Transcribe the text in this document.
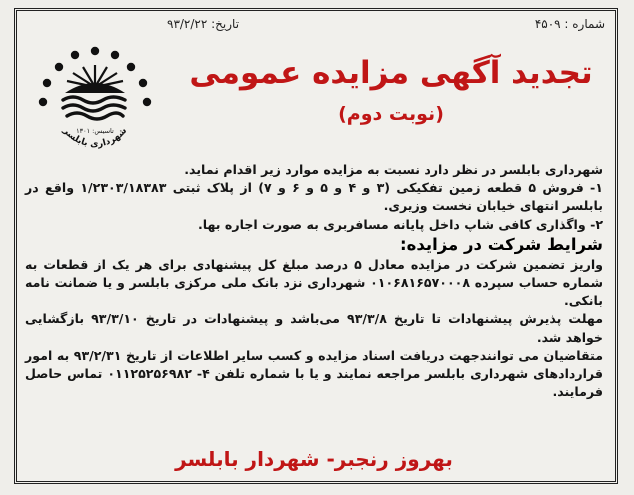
شماره : ۴۵۰۹
تاریخ: ۹۳/۲/۲۲
شهرداری بابلسر
تاسیس: ۱۳۰۱
تجدید آگهی مزایده عمومی
(نوبت دوم)

شهرداری بابلسر در نظر دارد نسبت به مزایده موارد زیر اقدام نماید.

۱- فروش ۵ قطعه زمین تفکیکی (۳ و ۴ و ۵ و ۶ و ۷) از پلاک ثبتی ۱/۲۳۰۳/۱۸۳۸۳ واقع در بابلسر انتهای خیابان نخست وزیری.

۲- واگذاری کافی شاپ داخل پایانه مسافربری به صورت اجاره بها.

شرایط شرکت در مزایده:

واریز تضمین شرکت در مزایده معادل ۵ درصد مبلغ کل پیشنهادی برای هر یک از قطعات به شماره حساب سپرده ۰۱۰۶۸۱۶۵۷۰۰۰۸ شهرداری نزد بانک ملی مرکزی بابلسر و یا ضمانت نامه بانکی.

مهلت پذیرش پیشنهادات تا تاریخ ۹۳/۳/۸ می‌باشد و پیشنهادات در تاریخ ۹۳/۳/۱۰ بازگشایی خواهد شد.

متقاضیان می توانندجهت دریافت اسناد مزایده و کسب سایر اطلاعات از تاریخ ۹۳/۲/۳۱ به امور قراردادهای شهرداری بابلسر مراجعه نمایند و یا با شماره تلفن ۴- ۰۱۱۲۵۲۵۶۹۸۲ تماس حاصل فرمایند.

بهروز رنجبر- شهردار بابلسر
